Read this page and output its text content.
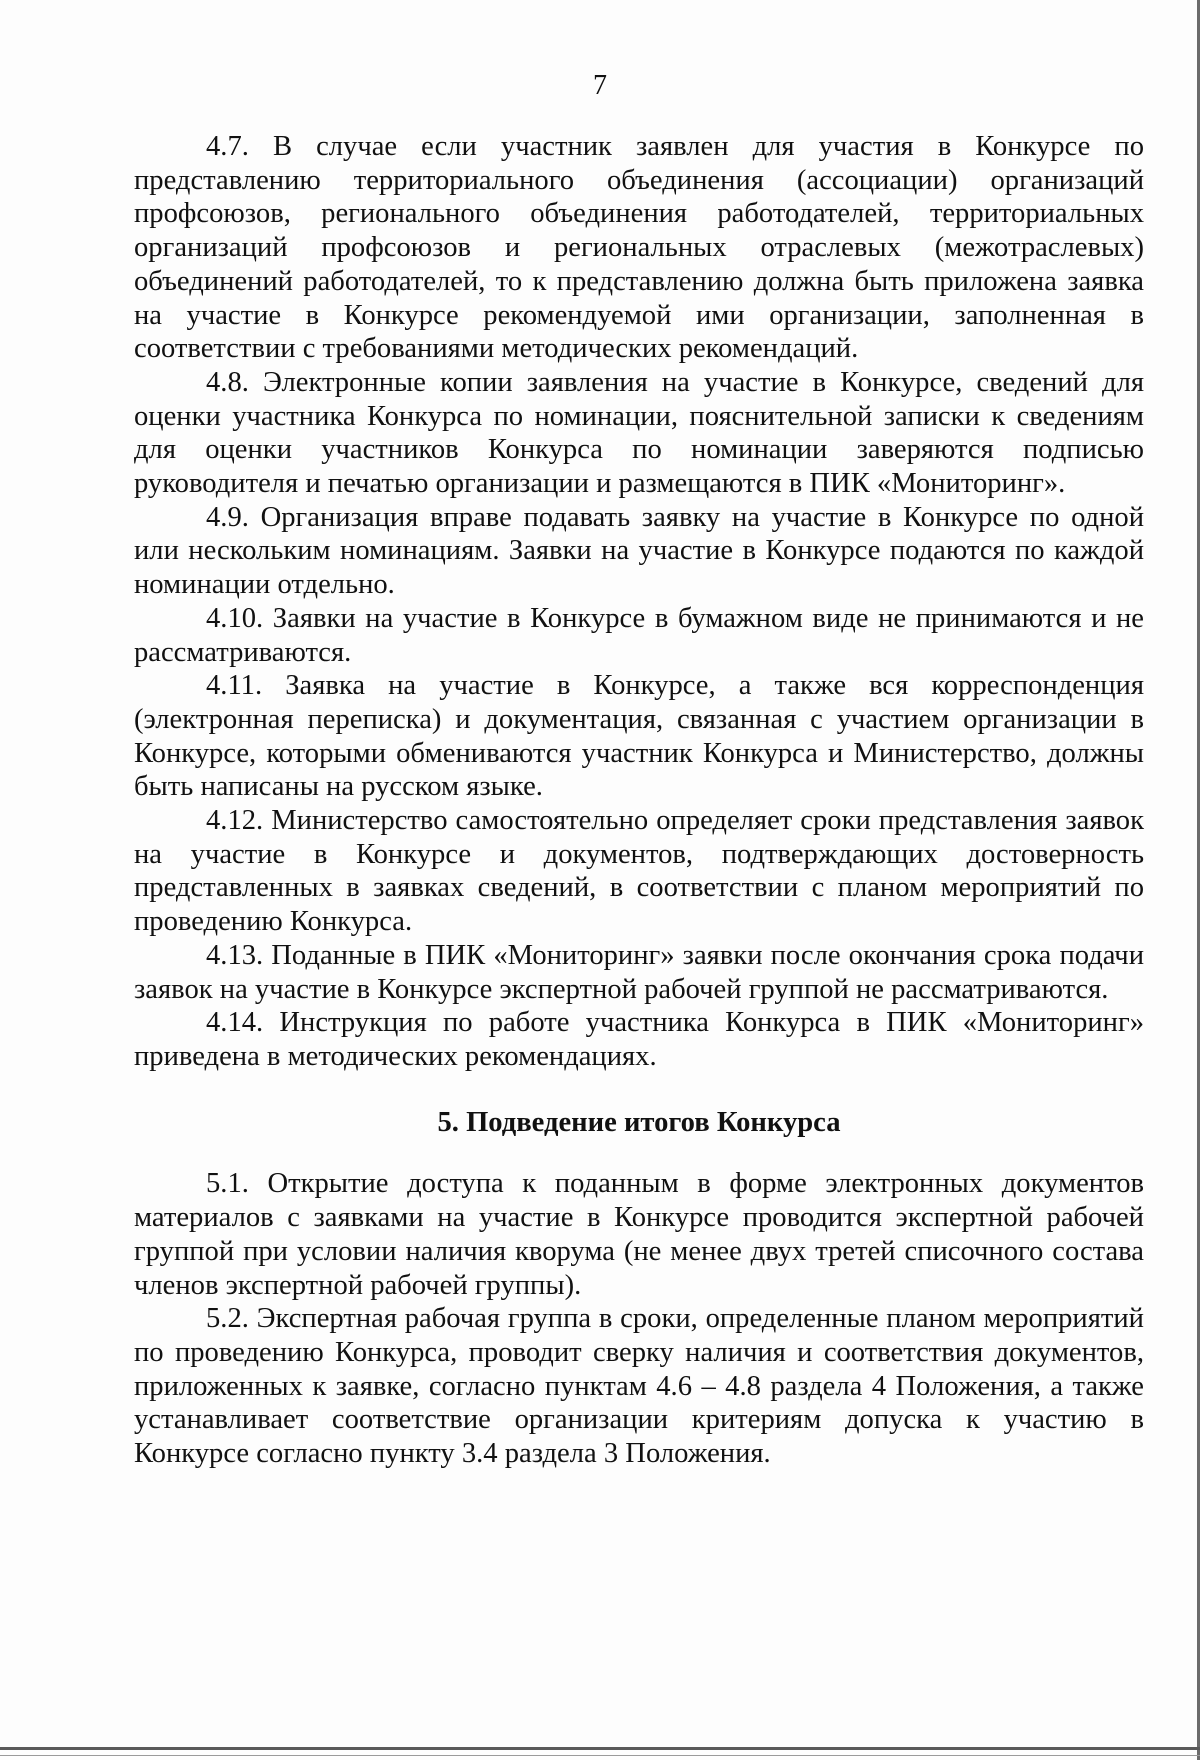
7

4.7. В случае если участник заявлен для участия в Конкурсе по представлению территориального объединения (ассоциации) организаций профсоюзов, регионального объединения работодателей, территориальных организаций профсоюзов и региональных отраслевых (межотраслевых) объединений работодателей, то к представлению должна быть приложена заявка на участие в Конкурсе рекомендуемой ими организации, заполненная в соответствии с требованиями методических рекомендаций.

4.8. Электронные копии заявления на участие в Конкурсе, сведений для оценки участника Конкурса по номинации, пояснительной записки к сведениям для оценки участников Конкурса по номинации заверяются подписью руководителя и печатью организации и размещаются в ПИК «Мониторинг».

4.9. Организация вправе подавать заявку на участие в Конкурсе по одной или нескольким номинациям. Заявки на участие в Конкурсе подаются по каждой номинации отдельно.

4.10. Заявки на участие в Конкурсе в бумажном виде не принимаются и не рассматриваются.

4.11. Заявка на участие в Конкурсе, а также вся корреспонденция (электронная переписка) и документация, связанная с участием организации в Конкурсе, которыми обмениваются участник Конкурса и Министерство, должны быть написаны на русском языке.

4.12. Министерство самостоятельно определяет сроки представления заявок на участие в Конкурсе и документов, подтверждающих достоверность представленных в заявках сведений, в соответствии с планом мероприятий по проведению Конкурса.

4.13. Поданные в ПИК «Мониторинг» заявки после окончания срока подачи заявок на участие в Конкурсе экспертной рабочей группой не рассматриваются.

4.14. Инструкция по работе участника Конкурса в ПИК «Мониторинг» приведена в методических рекомендациях.

5. Подведение итогов Конкурса

5.1. Открытие доступа к поданным в форме электронных документов материалов с заявками на участие в Конкурсе проводится экспертной рабочей группой при условии наличия кворума (не менее двух третей списочного состава членов экспертной рабочей группы).

5.2. Экспертная рабочая группа в сроки, определенные планом мероприятий по проведению Конкурса, проводит сверку наличия и соответствия документов, приложенных к заявке, согласно пунктам 4.6 – 4.8 раздела 4 Положения, а также устанавливает соответствие организации критериям допуска к участию в Конкурсе согласно пункту 3.4 раздела 3 Положения.
